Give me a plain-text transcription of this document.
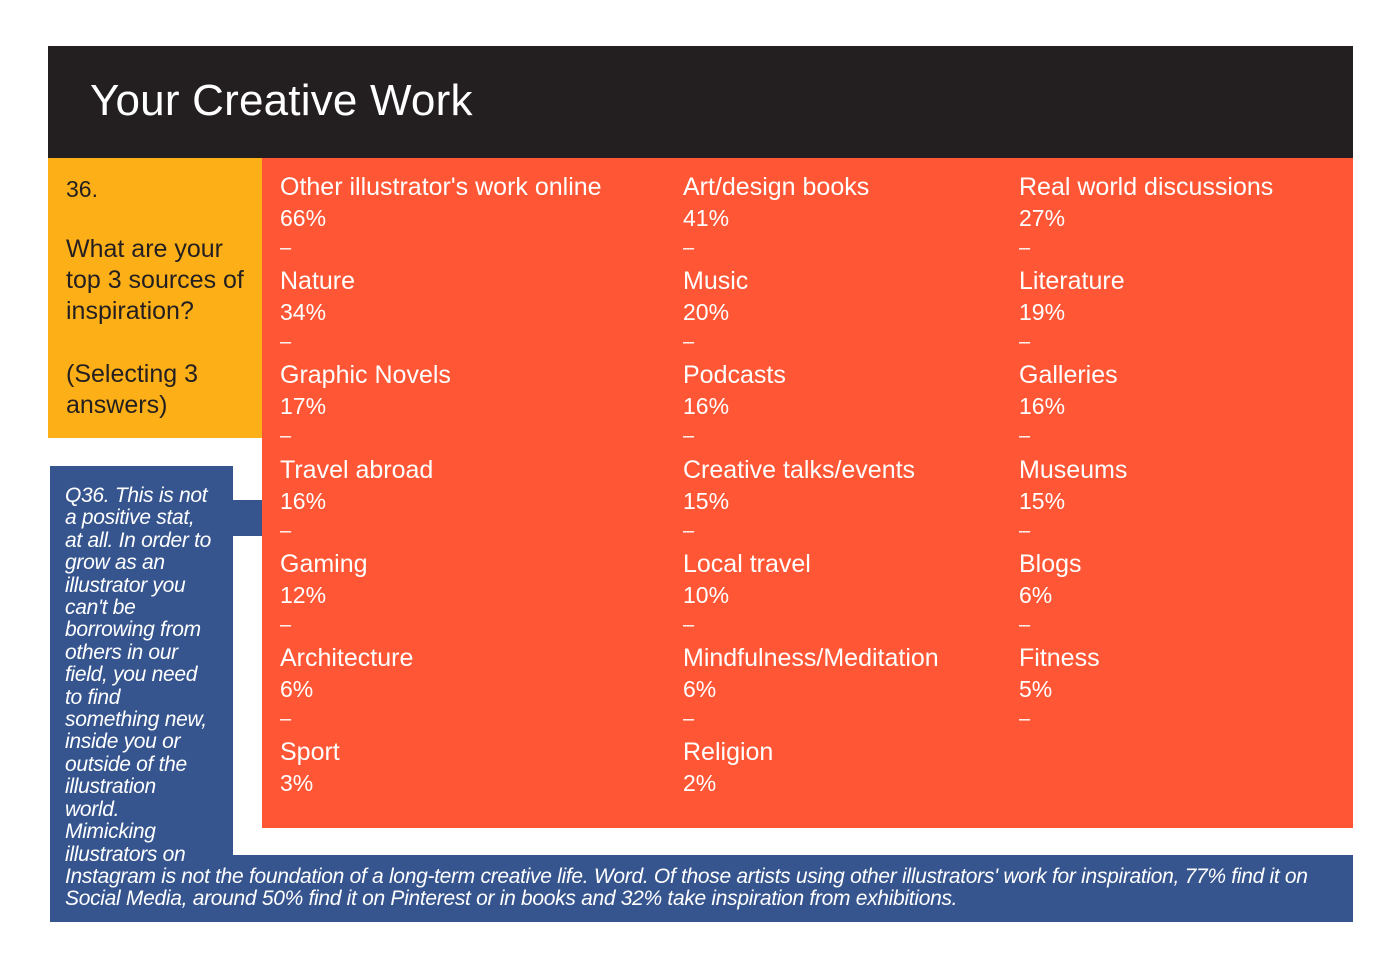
Your Creative Work
36.
What are your top 3 sources of inspiration?
(Selecting 3 answers)
Other illustrator's work online
66%
–
Nature
34%
–
Graphic Novels
17%
–
Travel abroad
16%
–
Gaming
12%
–
Architecture
6%
–
Sport
3%
Art/design books
41%
–
Music
20%
–
Podcasts
16%
–
Creative talks/events
15%
–
Local travel
10%
–
Mindfulness/Meditation
6%
–
Religion
2%
Real world discussions
27%
–
Literature
19%
–
Galleries
16%
–
Museums
15%
–
Blogs
6%
–
Fitness
5%
–
Q36. This is not a positive stat, at all. In order to grow as an illustrator you can't be borrowing from others in our field, you need to find something new, inside you or outside of the illustration world. Mimicking illustrators on Instagram is not the foundation of a long-term creative life. Word. Of those artists using other illustrators' work for inspiration, 77% find it on Social Media, around 50% find it on Pinterest or in books and 32% take inspiration from exhibitions.
